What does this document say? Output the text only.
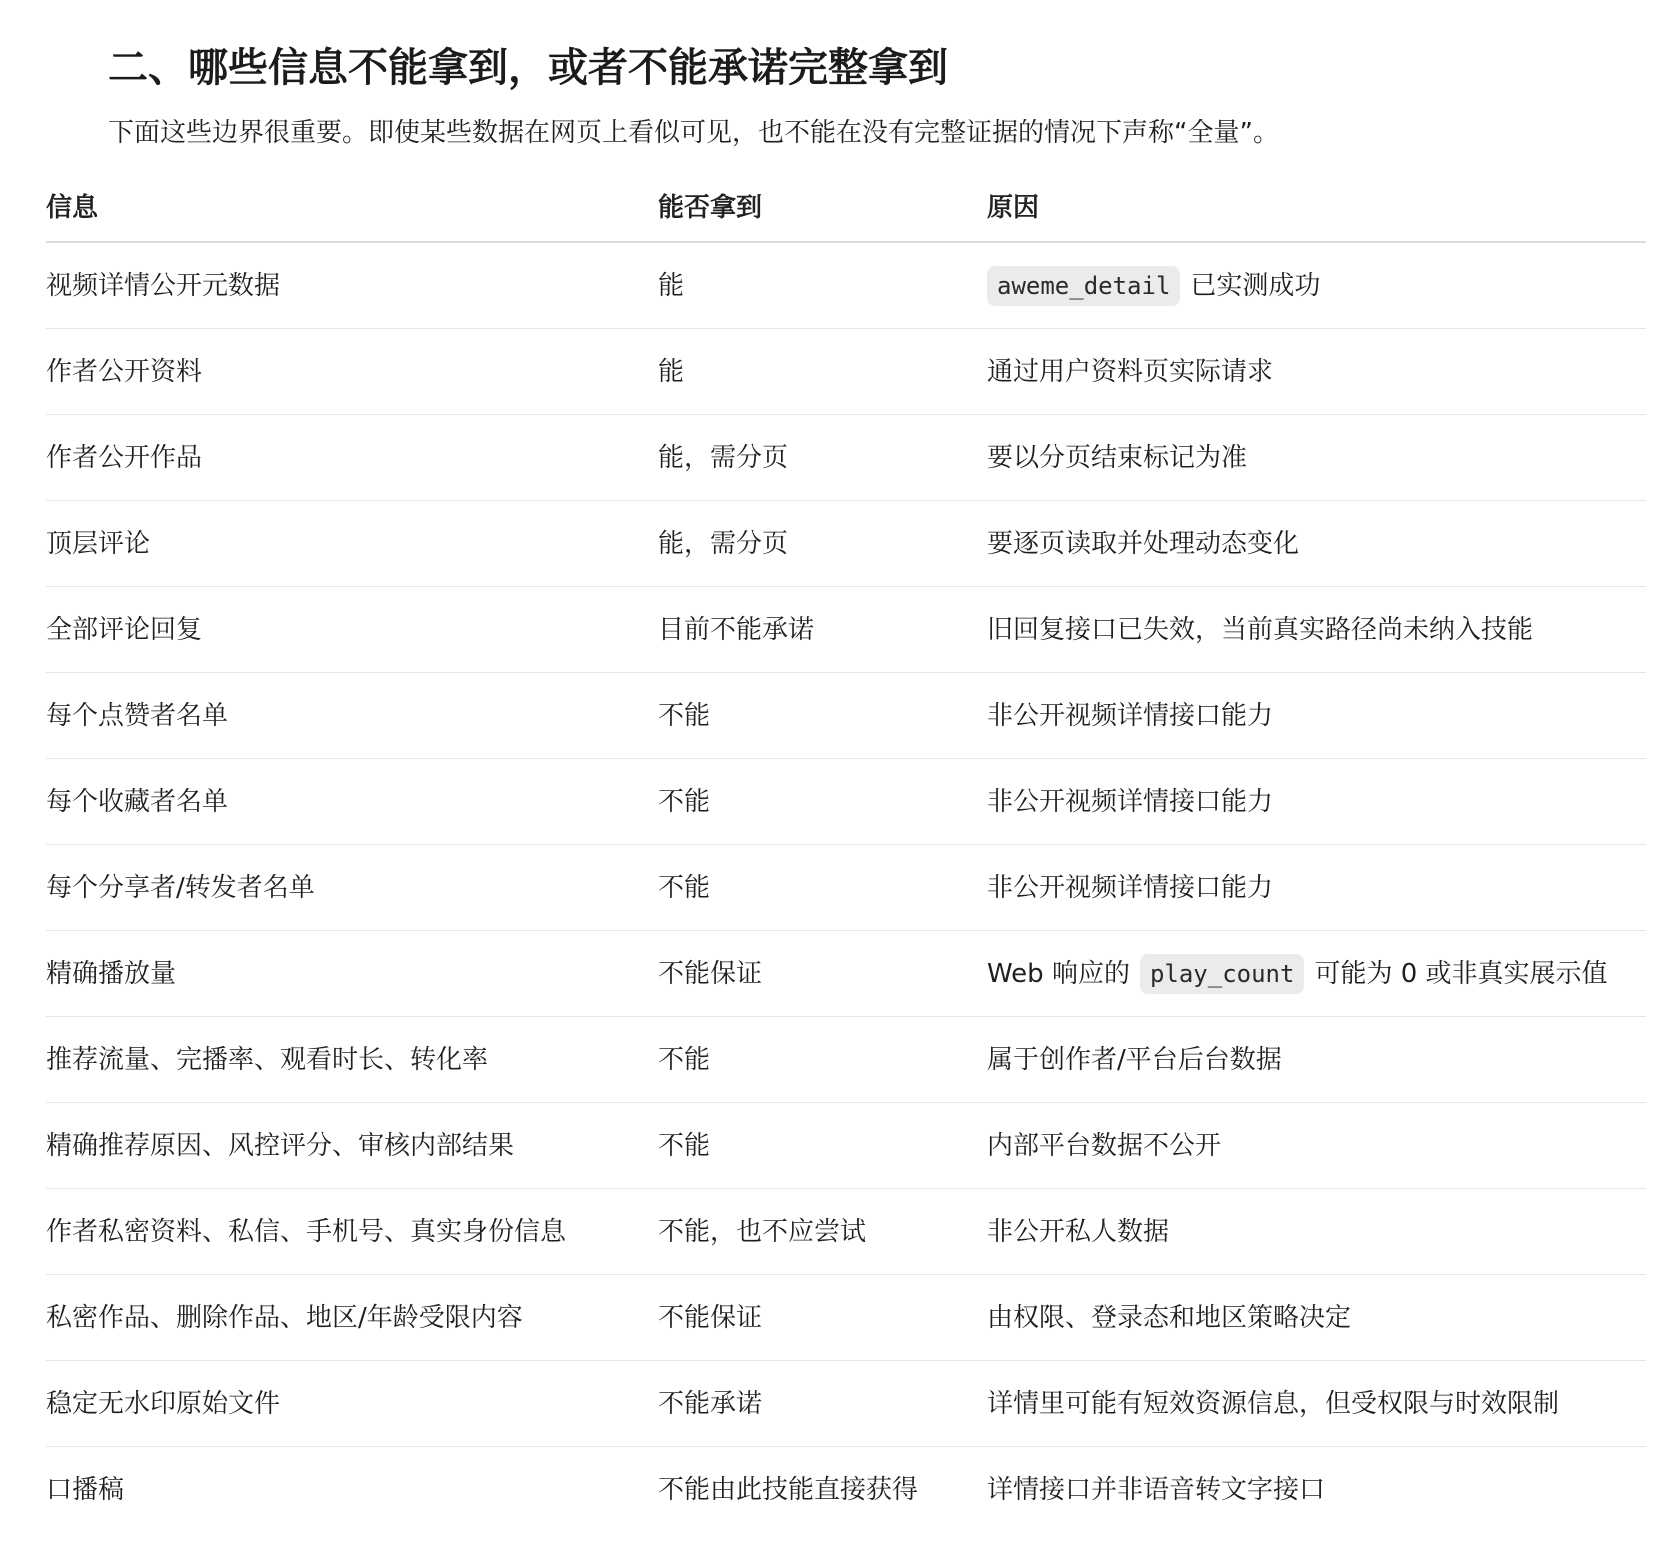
二、哪些信息不能拿到，或者不能承诺完整拿到

下面这些边界很重要。即使某些数据在网页上看似可见，也不能在没有完整证据的情况下声称“全量”。

信息	能否拿到	原因
视频详情公开元数据	能	aweme_detail 已实测成功
作者公开资料	能	通过用户资料页实际请求
作者公开作品	能，需分页	要以分页结束标记为准
顶层评论	能，需分页	要逐页读取并处理动态变化
全部评论回复	目前不能承诺	旧回复接口已失效，当前真实路径尚未纳入技能
每个点赞者名单	不能	非公开视频详情接口能力
每个收藏者名单	不能	非公开视频详情接口能力
每个分享者/转发者名单	不能	非公开视频详情接口能力
精确播放量	不能保证	Web 响应的 play_count 可能为 0 或非真实展示值
推荐流量、完播率、观看时长、转化率	不能	属于创作者/平台后台数据
精确推荐原因、风控评分、审核内部结果	不能	内部平台数据不公开
作者私密资料、私信、手机号、真实身份信息	不能，也不应尝试	非公开私人数据
私密作品、删除作品、地区/年龄受限内容	不能保证	由权限、登录态和地区策略决定
稳定无水印原始文件	不能承诺	详情里可能有短效资源信息，但受权限与时效限制
口播稿	不能由此技能直接获得	详情接口并非语音转文字接口
